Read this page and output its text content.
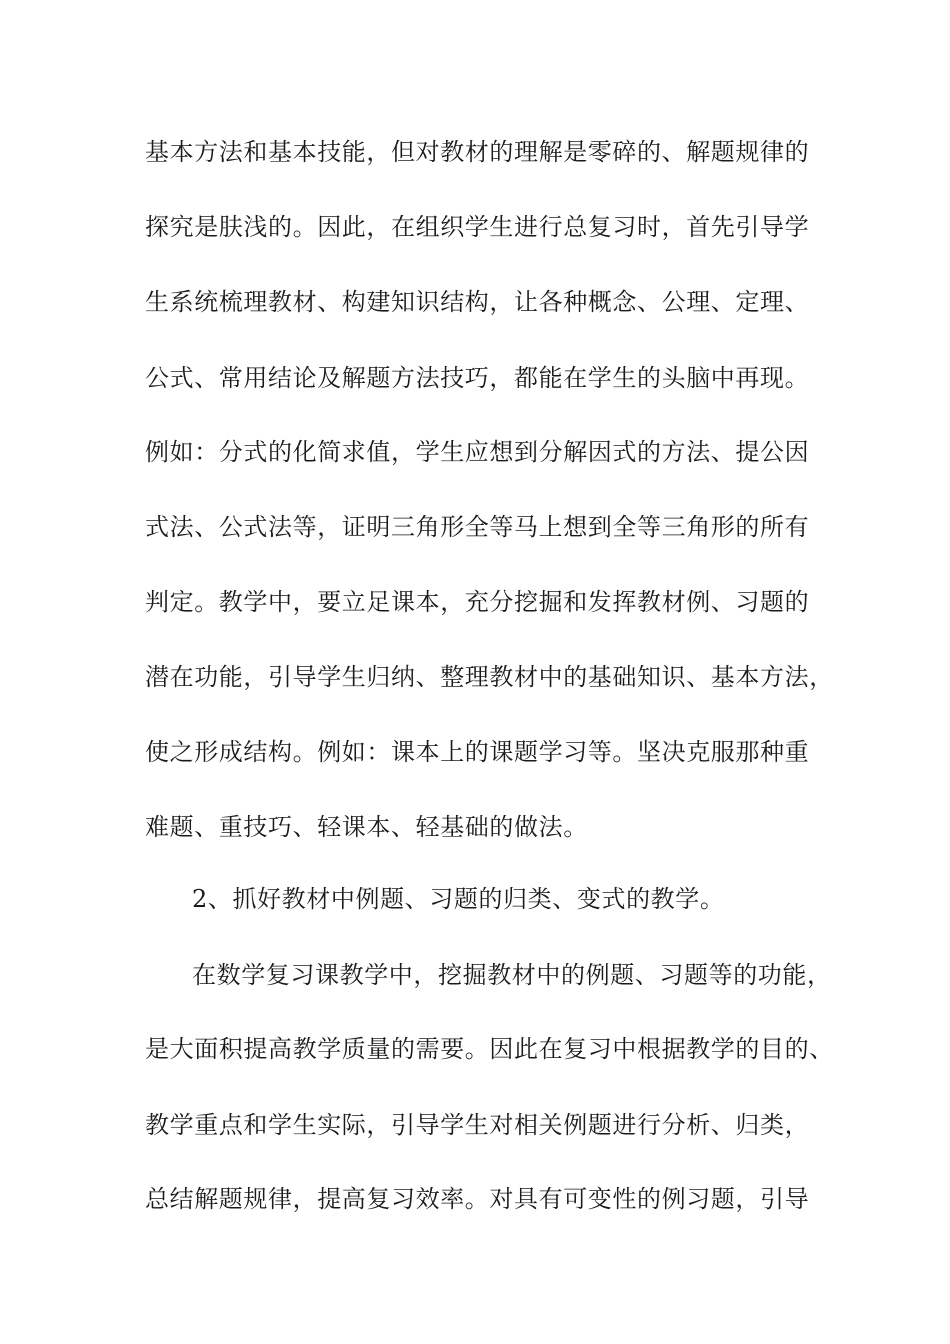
基本方法和基本技能，但对教材的理解是零碎的、解题规律的
探究是肤浅的。因此，在组织学生进行总复习时，首先引导学
生系统梳理教材、构建知识结构，让各种概念、公理、定理、
公式、常用结论及解题方法技巧，都能在学生的头脑中再现。
例如：分式的化简求值，学生应想到分解因式的方法、提公因
式法、公式法等，证明三角形全等马上想到全等三角形的所有
判定。教学中，要立足课本，充分挖掘和发挥教材例、习题的
潜在功能，引导学生归纳、整理教材中的基础知识、基本方法，
使之形成结构。例如：课本上的课题学习等。坚决克服那种重
难题、重技巧、轻课本、轻基础的做法。
2、抓好教材中例题、习题的归类、变式的教学。
在数学复习课教学中，挖掘教材中的例题、习题等的功能，
是大面积提高教学质量的需要。因此在复习中根据教学的目的、
教学重点和学生实际，引导学生对相关例题进行分析、归类，
总结解题规律，提高复习效率。对具有可变性的例习题，引导
